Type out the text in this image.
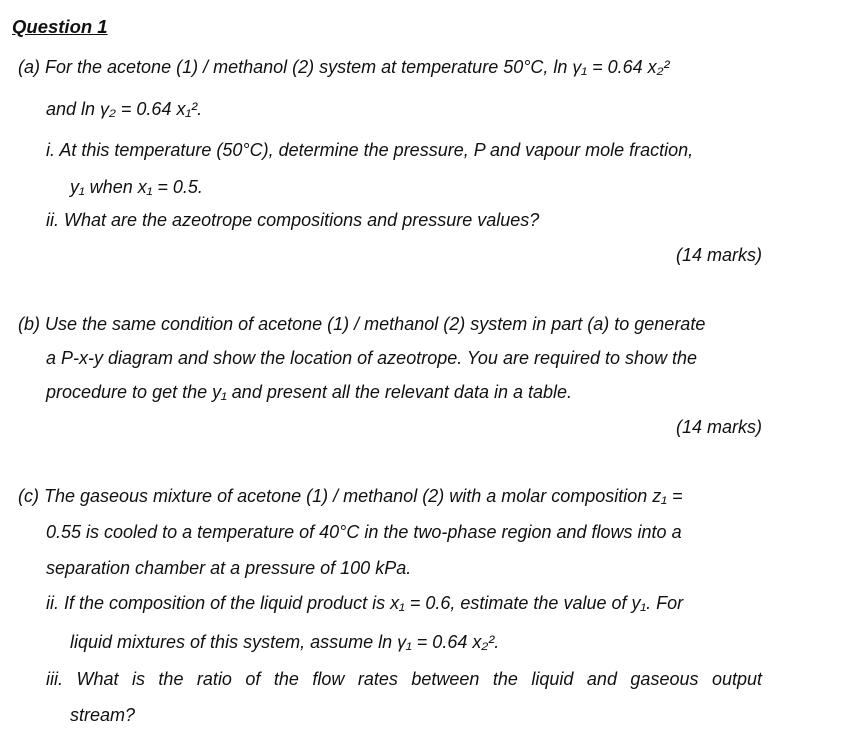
Question 1
(a) For the acetone (1) / methanol (2) system at temperature 50°C, ln γ₁ = 0.64 x₂²
and ln γ₂ = 0.64 x₁².
i. At this temperature (50°C), determine the pressure, P and vapour mole fraction,
y₁ when x₁ = 0.5.
ii. What are the azeotrope compositions and pressure values?
(14 marks)
(b) Use the same condition of acetone (1) / methanol (2) system in part (a) to generate
a P-x-y diagram and show the location of azeotrope. You are required to show the
procedure to get the y₁ and present all the relevant data in a table.
(14 marks)
(c) The gaseous mixture of acetone (1) / methanol (2) with a molar composition z₁ =
0.55 is cooled to a temperature of 40°C in the two-phase region and flows into a
separation chamber at a pressure of 100 kPa.
ii. If the composition of the liquid product is x₁ = 0.6, estimate the value of y₁. For
liquid mixtures of this system, assume ln γ₁ = 0.64 x₂².
iii. What is the ratio of the flow rates between the liquid and gaseous output
stream?
